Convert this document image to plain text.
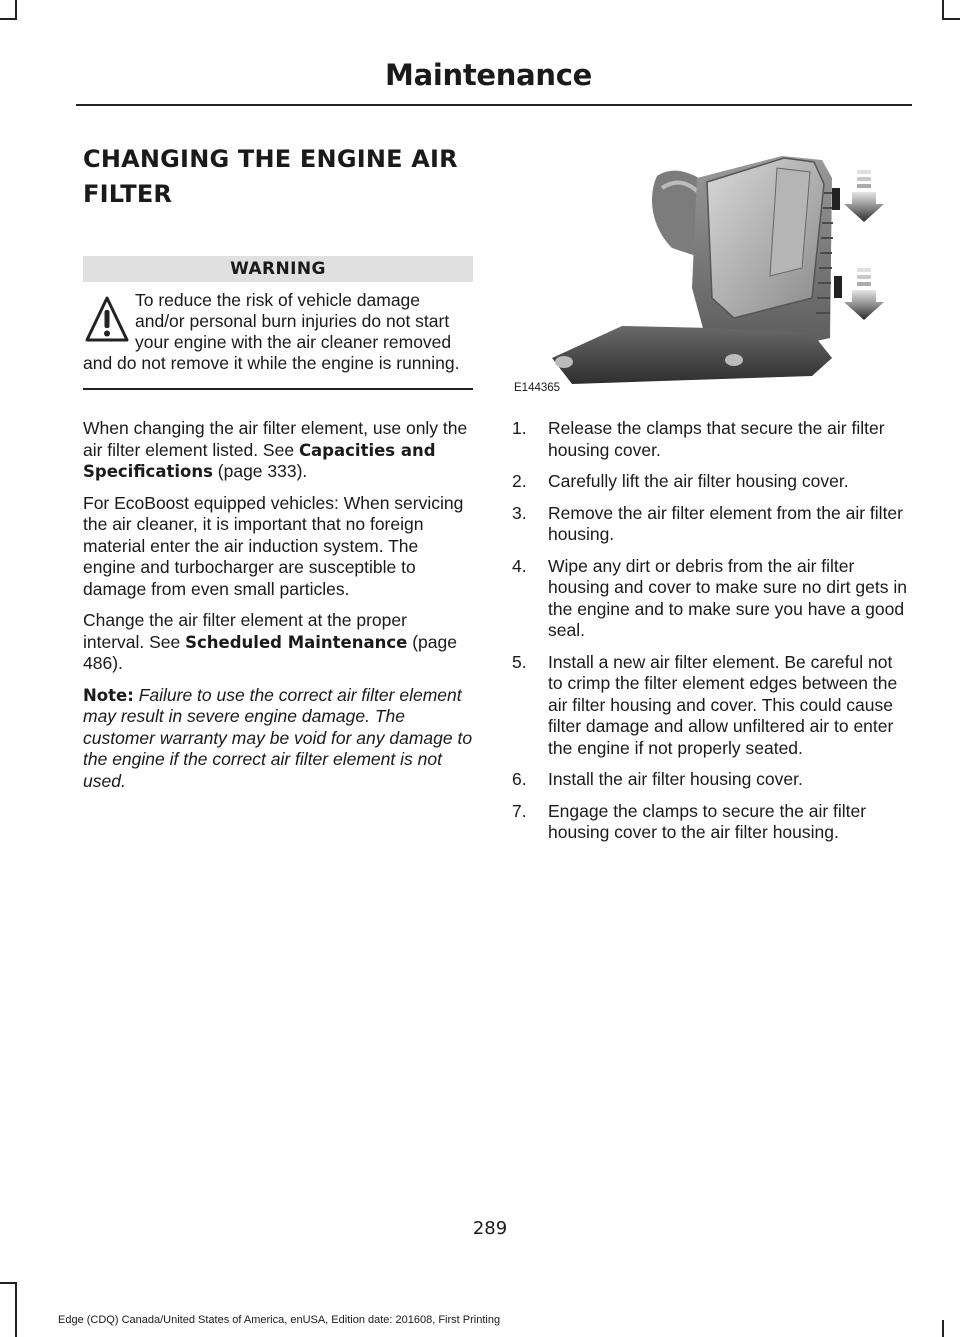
Maintenance
CHANGING THE ENGINE AIR
FILTER
WARNING
To reduce the risk of vehicle damage and/or personal burn injuries do not start your engine with the air cleaner removed and do not remove it while the engine is running.

When changing the air filter element, use only the air filter element listed. See Capacities and Specifications (page 333).

For EcoBoost equipped vehicles: When servicing the air cleaner, it is important that no foreign material enter the air induction system. The engine and turbocharger are susceptible to damage from even small particles.

Change the air filter element at the proper interval. See Scheduled Maintenance (page 486).

Note: Failure to use the correct air filter element may result in severe engine damage. The customer warranty may be void for any damage to the engine if the correct air filter element is not used.

E144365
1. Release the clamps that secure the air filter housing cover.
2. Carefully lift the air filter housing cover.
3. Remove the air filter element from the air filter housing.
4. Wipe any dirt or debris from the air filter housing and cover to make sure no dirt gets in the engine and to make sure you have a good seal.
5. Install a new air filter element. Be careful not to crimp the filter element edges between the air filter housing and cover. This could cause filter damage and allow unfiltered air to enter the engine if not properly seated.
6. Install the air filter housing cover.
7. Engage the clamps to secure the air filter housing cover to the air filter housing.
289
Edge (CDQ) Canada/United States of America, enUSA, Edition date: 201608, First Printing
